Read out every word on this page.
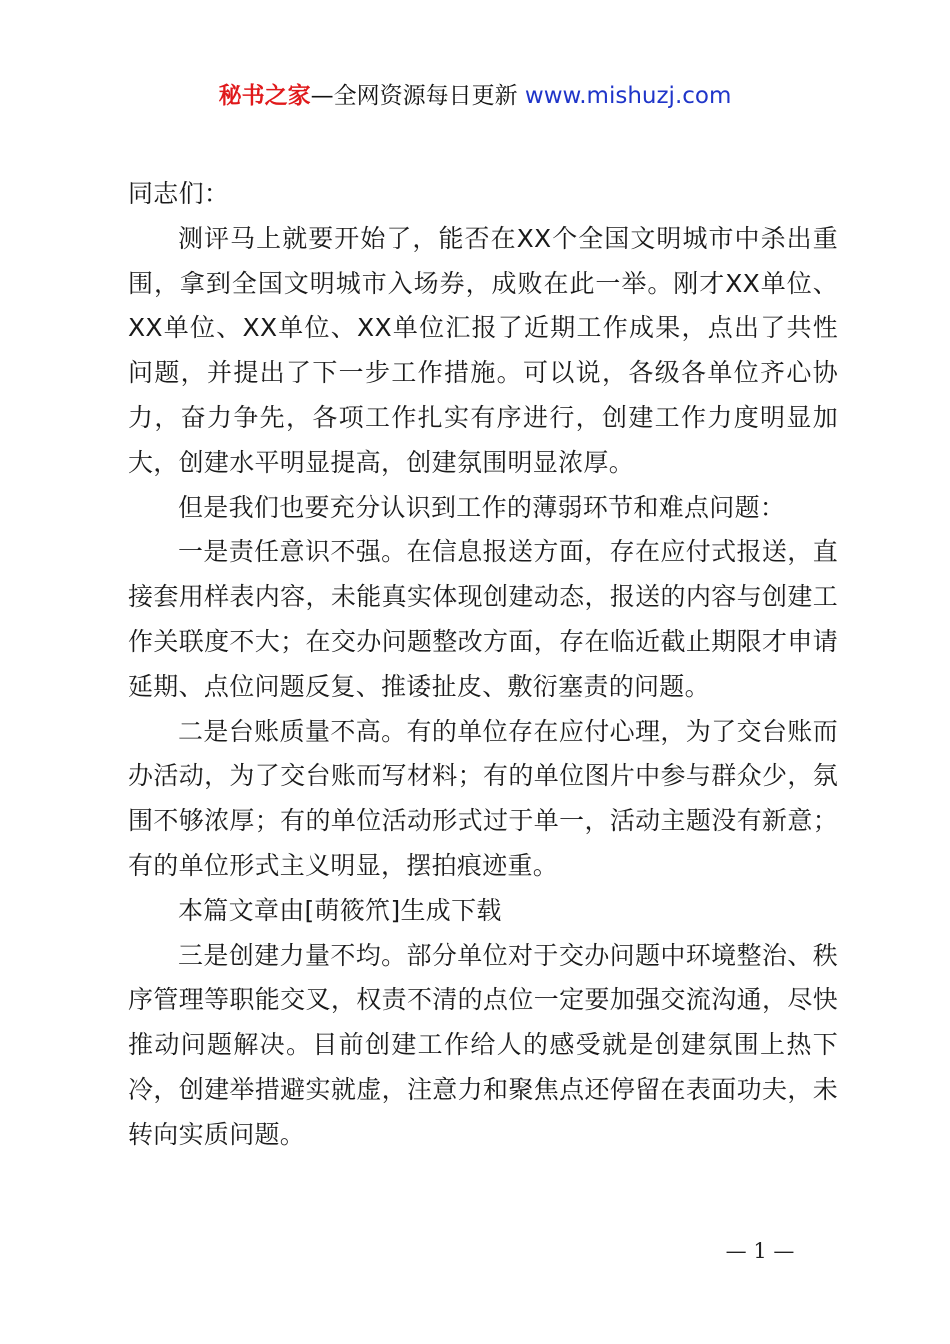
秘书之家—全网资源每日更新 www.mishuzj.com

同志们：

测评马上就要开始了，能否在XX个全国文明城市中杀出重围，拿到全国文明城市入场券，成败在此一举。刚才XX单位、XX单位、XX单位、XX单位汇报了近期工作成果，点出了共性问题，并提出了下一步工作措施。可以说，各级各单位齐心协力，奋力争先，各项工作扎实有序进行，创建工作力度明显加大，创建水平明显提高，创建氛围明显浓厚。

但是我们也要充分认识到工作的薄弱环节和难点问题：

一是责任意识不强。在信息报送方面，存在应付式报送，直接套用样表内容，未能真实体现创建动态，报送的内容与创建工作关联度不大；在交办问题整改方面，存在临近截止期限才申请延期、点位问题反复、推诿扯皮、敷衍塞责的问题。

二是台账质量不高。有的单位存在应付心理，为了交台账而办活动，为了交台账而写材料；有的单位图片中参与群众少，氛围不够浓厚；有的单位活动形式过于单一，活动主题没有新意；有的单位形式主义明显，摆拍痕迹重。

本篇文章由[萌筱笊]生成下载

三是创建力量不均。部分单位对于交办问题中环境整治、秩序管理等职能交叉，权责不清的点位一定要加强交流沟通，尽快推动问题解决。目前创建工作给人的感受就是创建氛围上热下冷，创建举措避实就虚，注意力和聚焦点还停留在表面功夫，未转向实质问题。

— 1 —
